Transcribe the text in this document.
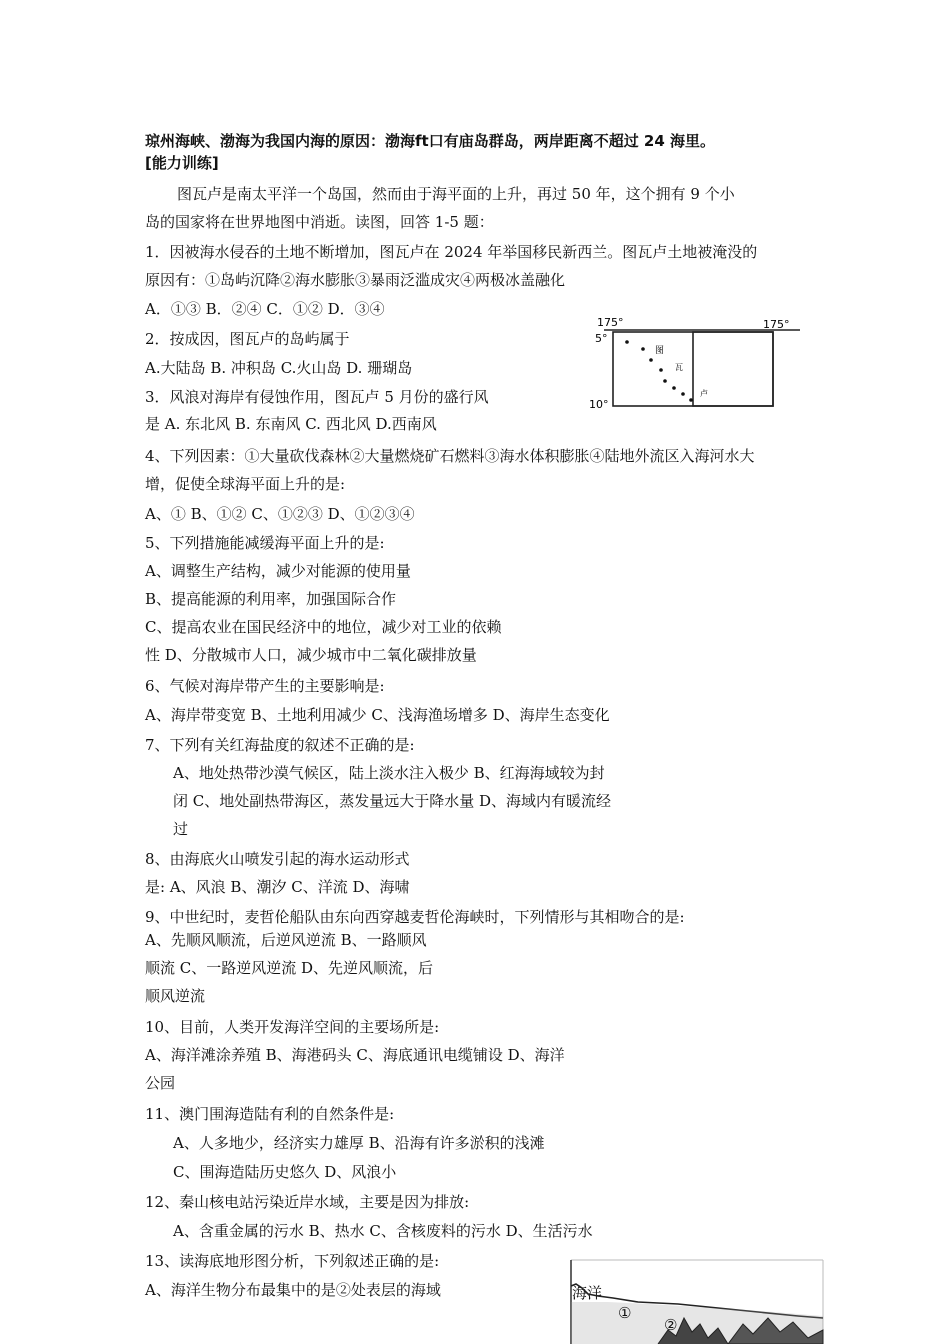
琼州海峡、渤海为我国内海的原因：渤海ft口有庙岛群岛，两岸距离不超过 24 海里。
[能力训练]
图瓦卢是南太平洋一个岛国，然而由于海平面的上升，再过 50 年，这个拥有 9 个小
岛的国家将在世界地图中消逝。读图，回答 1-5 题：
1．因被海水侵吞的土地不断增加，图瓦卢在 2024 年举国移民新西兰。图瓦卢土地被淹没的
原因有：①岛屿沉降②海水膨胀③暴雨泛滥成灾④两极冰盖融化
A．①③ B．②④ C．①② D．③④
2．按成因，图瓦卢的岛屿属于
A.大陆岛 B. 冲积岛 C.火山岛 D. 珊瑚岛
3．风浪对海岸有侵蚀作用，图瓦卢 5 月份的盛行风
是 A. 东北风 B. 东南风 C. 西北风 D.西南风
175°	175°
5°
10°
图
瓦
卢
4、下列因素：①大量砍伐森林②大量燃烧矿石燃料③海水体积膨胀④陆地外流区入海河水大
增，促使全球海平面上升的是:
A、① B、①② C、①②③ D、①②③④
5、下列措施能减缓海平面上升的是:
A、调整生产结构，减少对能源的使用量
B、提高能源的利用率，加强国际合作
C、提高农业在国民经济中的地位，减少对工业的依赖
性 D、分散城市人口，减少城市中二氧化碳排放量
6、气候对海岸带产生的主要影响是:
A、海岸带变宽 B、土地利用减少 C、浅海渔场增多 D、海岸生态变化
7、下列有关红海盐度的叙述不正确的是:
A、地处热带沙漠气候区，陆上淡水注入极少 B、红海海域较为封
闭 C、地处副热带海区，蒸发量远大于降水量 D、海域内有暖流经
过
8、由海底火山喷发引起的海水运动形式
是: A、风浪 B、潮汐 C、洋流 D、海啸
9、中世纪时，麦哲伦船队由东向西穿越麦哲伦海峡时，下列情形与其相吻合的是:
A、先顺风顺流，后逆风逆流 B、一路顺风
顺流 C、一路逆风逆流 D、先逆风顺流，后
顺风逆流
10、目前，人类开发海洋空间的主要场所是:
A、海洋滩涂养殖 B、海港码头 C、海底通讯电缆铺设 D、海洋
公园
11、澳门围海造陆有利的自然条件是:
A、人多地少，经济实力雄厚 B、沿海有许多淤积的浅滩
C、围海造陆历史悠久 D、风浪小
12、秦山核电站污染近岸水域，主要是因为排放:
A、含重金属的污水 B、热水 C、含核废料的污水 D、生活污水
13、读海底地形图分析，下列叙述正确的是:
A、海洋生物分布最集中的是②处表层的海域	海洋
①
②
